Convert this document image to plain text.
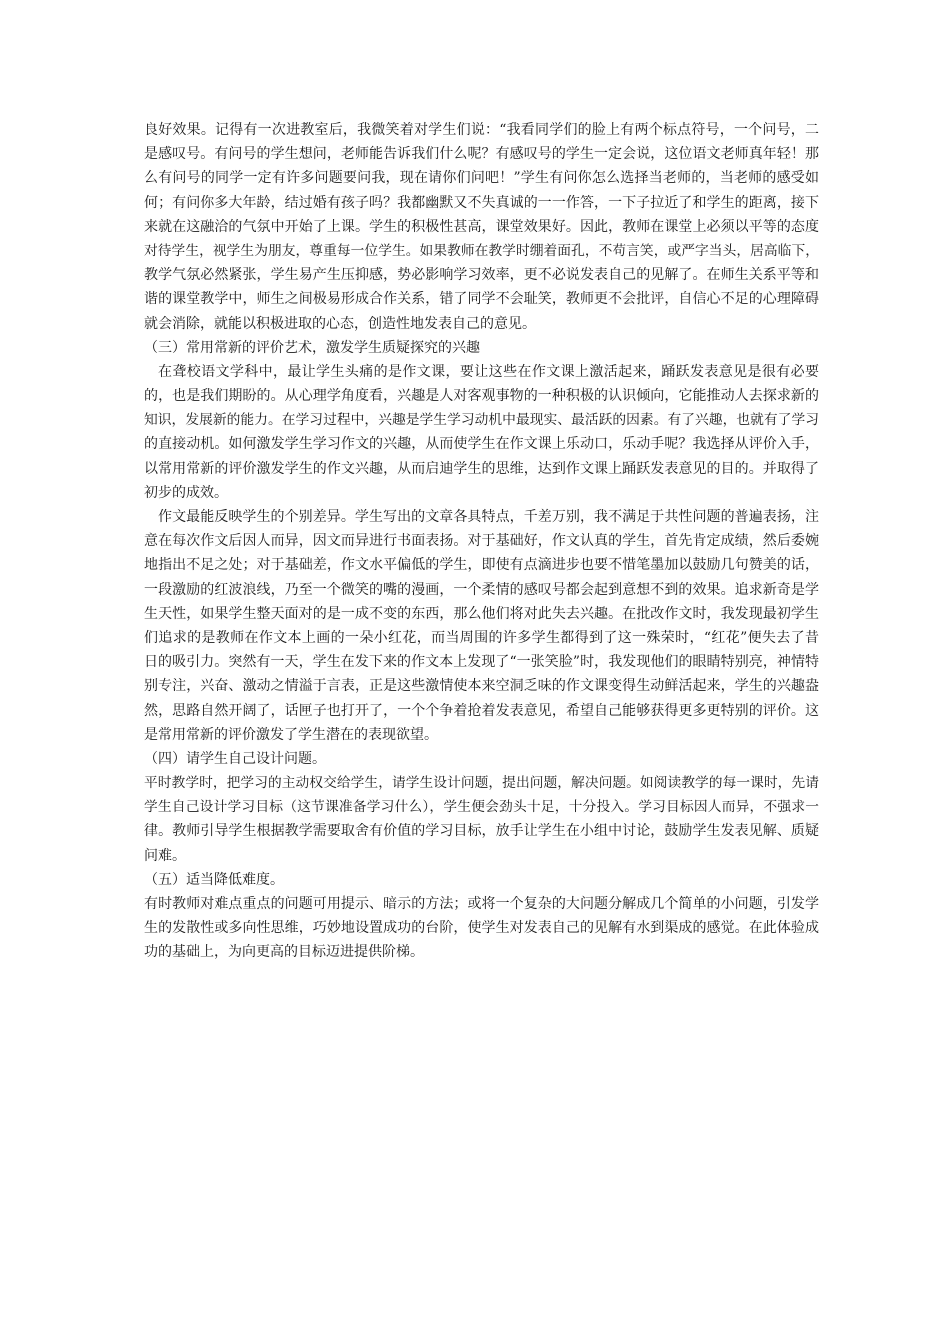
良好效果。记得有一次进教室后，我微笑着对学生们说：“我看同学们的脸上有两个标点符号，一个问号，二
是感叹号。有问号的学生想问，老师能告诉我们什么呢？有感叹号的学生一定会说，这位语文老师真年轻！那
么有问号的同学一定有许多问题要问我，现在请你们问吧！”学生有问你怎么选择当老师的，当老师的感受如
何；有问你多大年龄，结过婚有孩子吗？我都幽默又不失真诚的一一作答，一下子拉近了和学生的距离，接下
来就在这融洽的气氛中开始了上课。学生的积极性甚高，课堂效果好。因此，教师在课堂上必须以平等的态度
对待学生，视学生为朋友，尊重每一位学生。如果教师在教学时绷着面孔，不苟言笑，或严字当头，居高临下，
教学气氛必然紧张，学生易产生压抑感，势必影响学习效率，更不必说发表自己的见解了。在师生关系平等和
谐的课堂教学中，师生之间极易形成合作关系，错了同学不会耻笑，教师更不会批评，自信心不足的心理障碍
就会消除，就能以积极进取的心态，创造性地发表自己的意见。
（三）常用常新的评价艺术，激发学生质疑探究的兴趣
在聋校语文学科中，最让学生头痛的是作文课，要让这些在作文课上激活起来，踊跃发表意见是很有必要
的，也是我们期盼的。从心理学角度看，兴趣是人对客观事物的一种积极的认识倾向，它能推动人去探求新的
知识，发展新的能力。在学习过程中，兴趣是学生学习动机中最现实、最活跃的因素。有了兴趣，也就有了学习
的直接动机。如何激发学生学习作文的兴趣，从而使学生在作文课上乐动口，乐动手呢？我选择从评价入手，
以常用常新的评价激发学生的作文兴趣，从而启迪学生的思维，达到作文课上踊跃发表意见的目的。并取得了
初步的成效。
作文最能反映学生的个别差异。学生写出的文章各具特点，千差万别，我不满足于共性问题的普遍表扬，注
意在每次作文后因人而异，因文而异进行书面表扬。对于基础好，作文认真的学生，首先肯定成绩，然后委婉
地指出不足之处；对于基础差，作文水平偏低的学生，即使有点滴进步也要不惜笔墨加以鼓励几句赞美的话，
一段激励的红波浪线，乃至一个微笑的嘴的漫画，一个柔情的感叹号都会起到意想不到的效果。追求新奇是学
生天性，如果学生整天面对的是一成不变的东西，那么他们将对此失去兴趣。在批改作文时，我发现最初学生
们追求的是教师在作文本上画的一朵小红花，而当周围的许多学生都得到了这一殊荣时，“红花”便失去了昔
日的吸引力。突然有一天，学生在发下来的作文本上发现了“一张笑脸”时，我发现他们的眼睛特别亮，神情特
别专注，兴奋、激动之情溢于言表，正是这些激情使本来空洞乏味的作文课变得生动鲜活起来，学生的兴趣盎
然，思路自然开阔了，话匣子也打开了，一个个争着抢着发表意见，希望自己能够获得更多更特别的评价。这
是常用常新的评价激发了学生潜在的表现欲望。
（四）请学生自己设计问题。
平时教学时，把学习的主动权交给学生，请学生设计问题，提出问题，解决问题。如阅读教学的每一课时，先请
学生自己设计学习目标（这节课准备学习什么），学生便会劲头十足，十分投入。学习目标因人而异，不强求一
律。教师引导学生根据教学需要取舍有价值的学习目标，放手让学生在小组中讨论，鼓励学生发表见解、质疑
问难。
（五）适当降低难度。
有时教师对难点重点的问题可用提示、暗示的方法；或将一个复杂的大问题分解成几个简单的小问题，引发学
生的发散性或多向性思维，巧妙地设置成功的台阶，使学生对发表自己的见解有水到渠成的感觉。在此体验成
功的基础上，为向更高的目标迈进提供阶梯。
